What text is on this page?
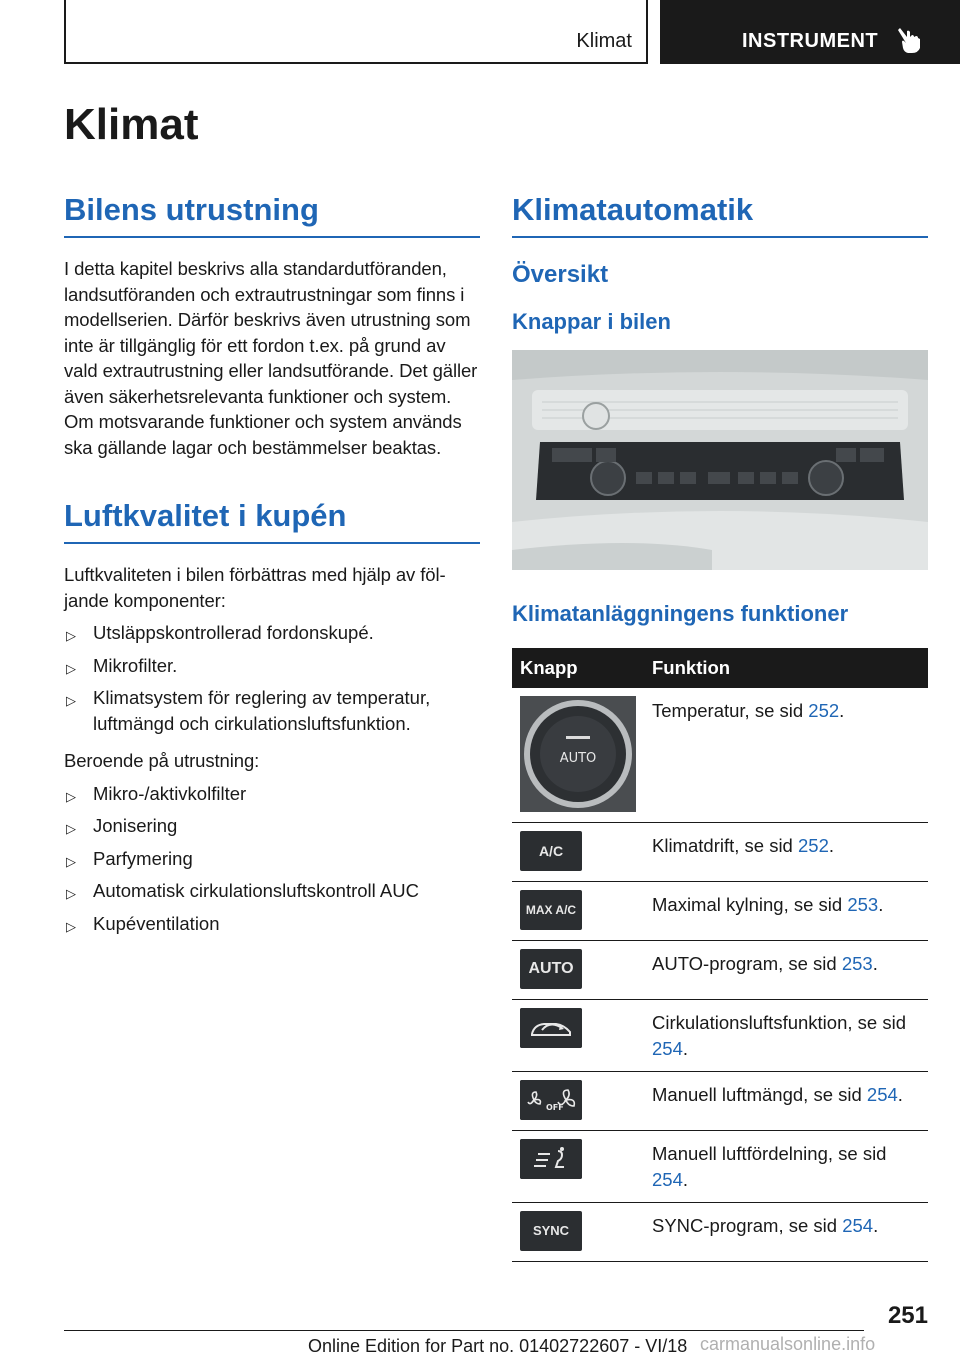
Klimat	INSTRUMENT
Klimat
Bilens utrustning

I detta kapitel beskrivs alla standardutföranden, landsutföranden och extrautrustningar som finns i modellserien. Därför beskrivs även utrustning som inte är tillgänglig för ett fordon t.ex. på grund av vald extrautrustning eller landsutförande. Det gäller även säkerhetsrelevanta funktioner och system. Om motsvarande funktioner och system används ska gällande lagar och bestämmelser beaktas.

Luftkvalitet i kupén

Luftkvaliteten i bilen förbättras med hjälp av följande komponenter:

▷ Utsläppskontrollerad fordonskupé.
▷ Mikrofilter.
▷ Klimatsystem för reglering av temperatur, luftmängd och cirkulationsluftsfunktion.

Beroende på utrustning:

▷ Mikro-/aktivkolfilter
▷ Jonisering
▷ Parfymering
▷ Automatisk cirkulationsluftskontroll AUC
▷ Kupéventilation
Klimatautomatik
Översikt
Knappar i bilen
Klimatanläggningens funktioner
Knapp	Funktion

AUTO	Temperatur, se sid 252.

A/C	Klimatdrift, se sid 252.

MAX A/C	Maximal kylning, se sid 253.

AUTO	AUTO-program, se sid 253.

	Cirkulationsluftsfunktion, se sid 254.

OFF	Manuell luftmängd, se sid 254.

	Manuell luftfördelning, se sid 254.

SYNC	SYNC-program, se sid 254.
251
Online Edition for Part no. 01402722607 - VI/18 carmanualsonline.info
